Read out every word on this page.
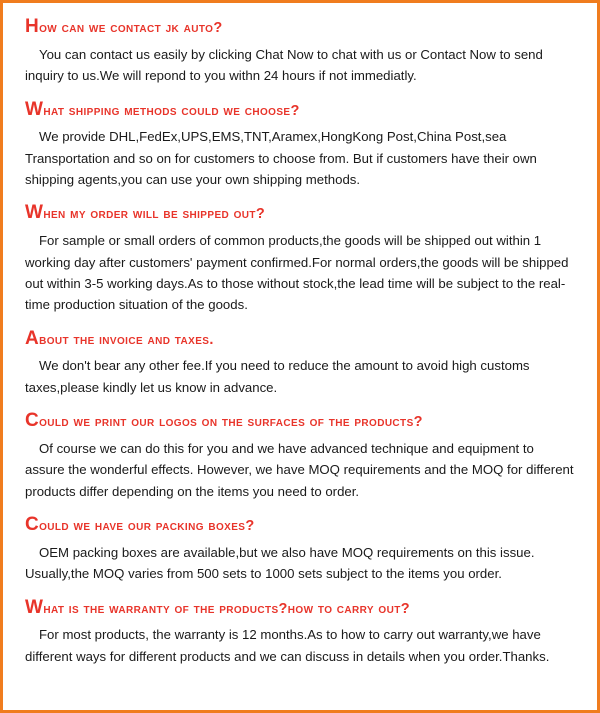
How can we contact jk auto?

You can contact us easily by clicking Chat Now to chat with us or Contact Now to send inquiry to us.We will repond to you withn 24 hours if not immediatly.

What shipping methods could we choose?

We provide DHL,FedEx,UPS,EMS,TNT,Aramex,HongKong Post,China Post,sea Transportation and so on for customers to choose from. But if customers have their own shipping agents,you can use your own shipping methods.

When my order will be shipped out?

For sample or small orders of common products,the goods will be shipped out within 1 working day after customers' payment confirmed.For normal orders,the goods will be shipped out within 3-5 working days.As to those without stock,the lead time will be subject to the real-time production situation of the goods.

About the invoice and taxes.

We don't bear any other fee.If you need to reduce the amount to avoid high customs taxes,please kindly let us know in advance.

Could we print our logos on the surfaces of the products?

Of course we can do this for you and we have advanced technique and equipment to assure the wonderful effects. However, we have MOQ requirements and the MOQ for different products differ depending on the items you need to order.

Could we have our packing boxes?

OEM packing boxes are available,but we also have MOQ requirements on this issue. Usually,the MOQ varies from 500 sets to 1000 sets subject to the items you order.

What is the warranty of the products?how to carry out?

For most products, the warranty is 12 months.As to how to carry out warranty,we have different ways for different products and we can discuss in details when you order.Thanks.
